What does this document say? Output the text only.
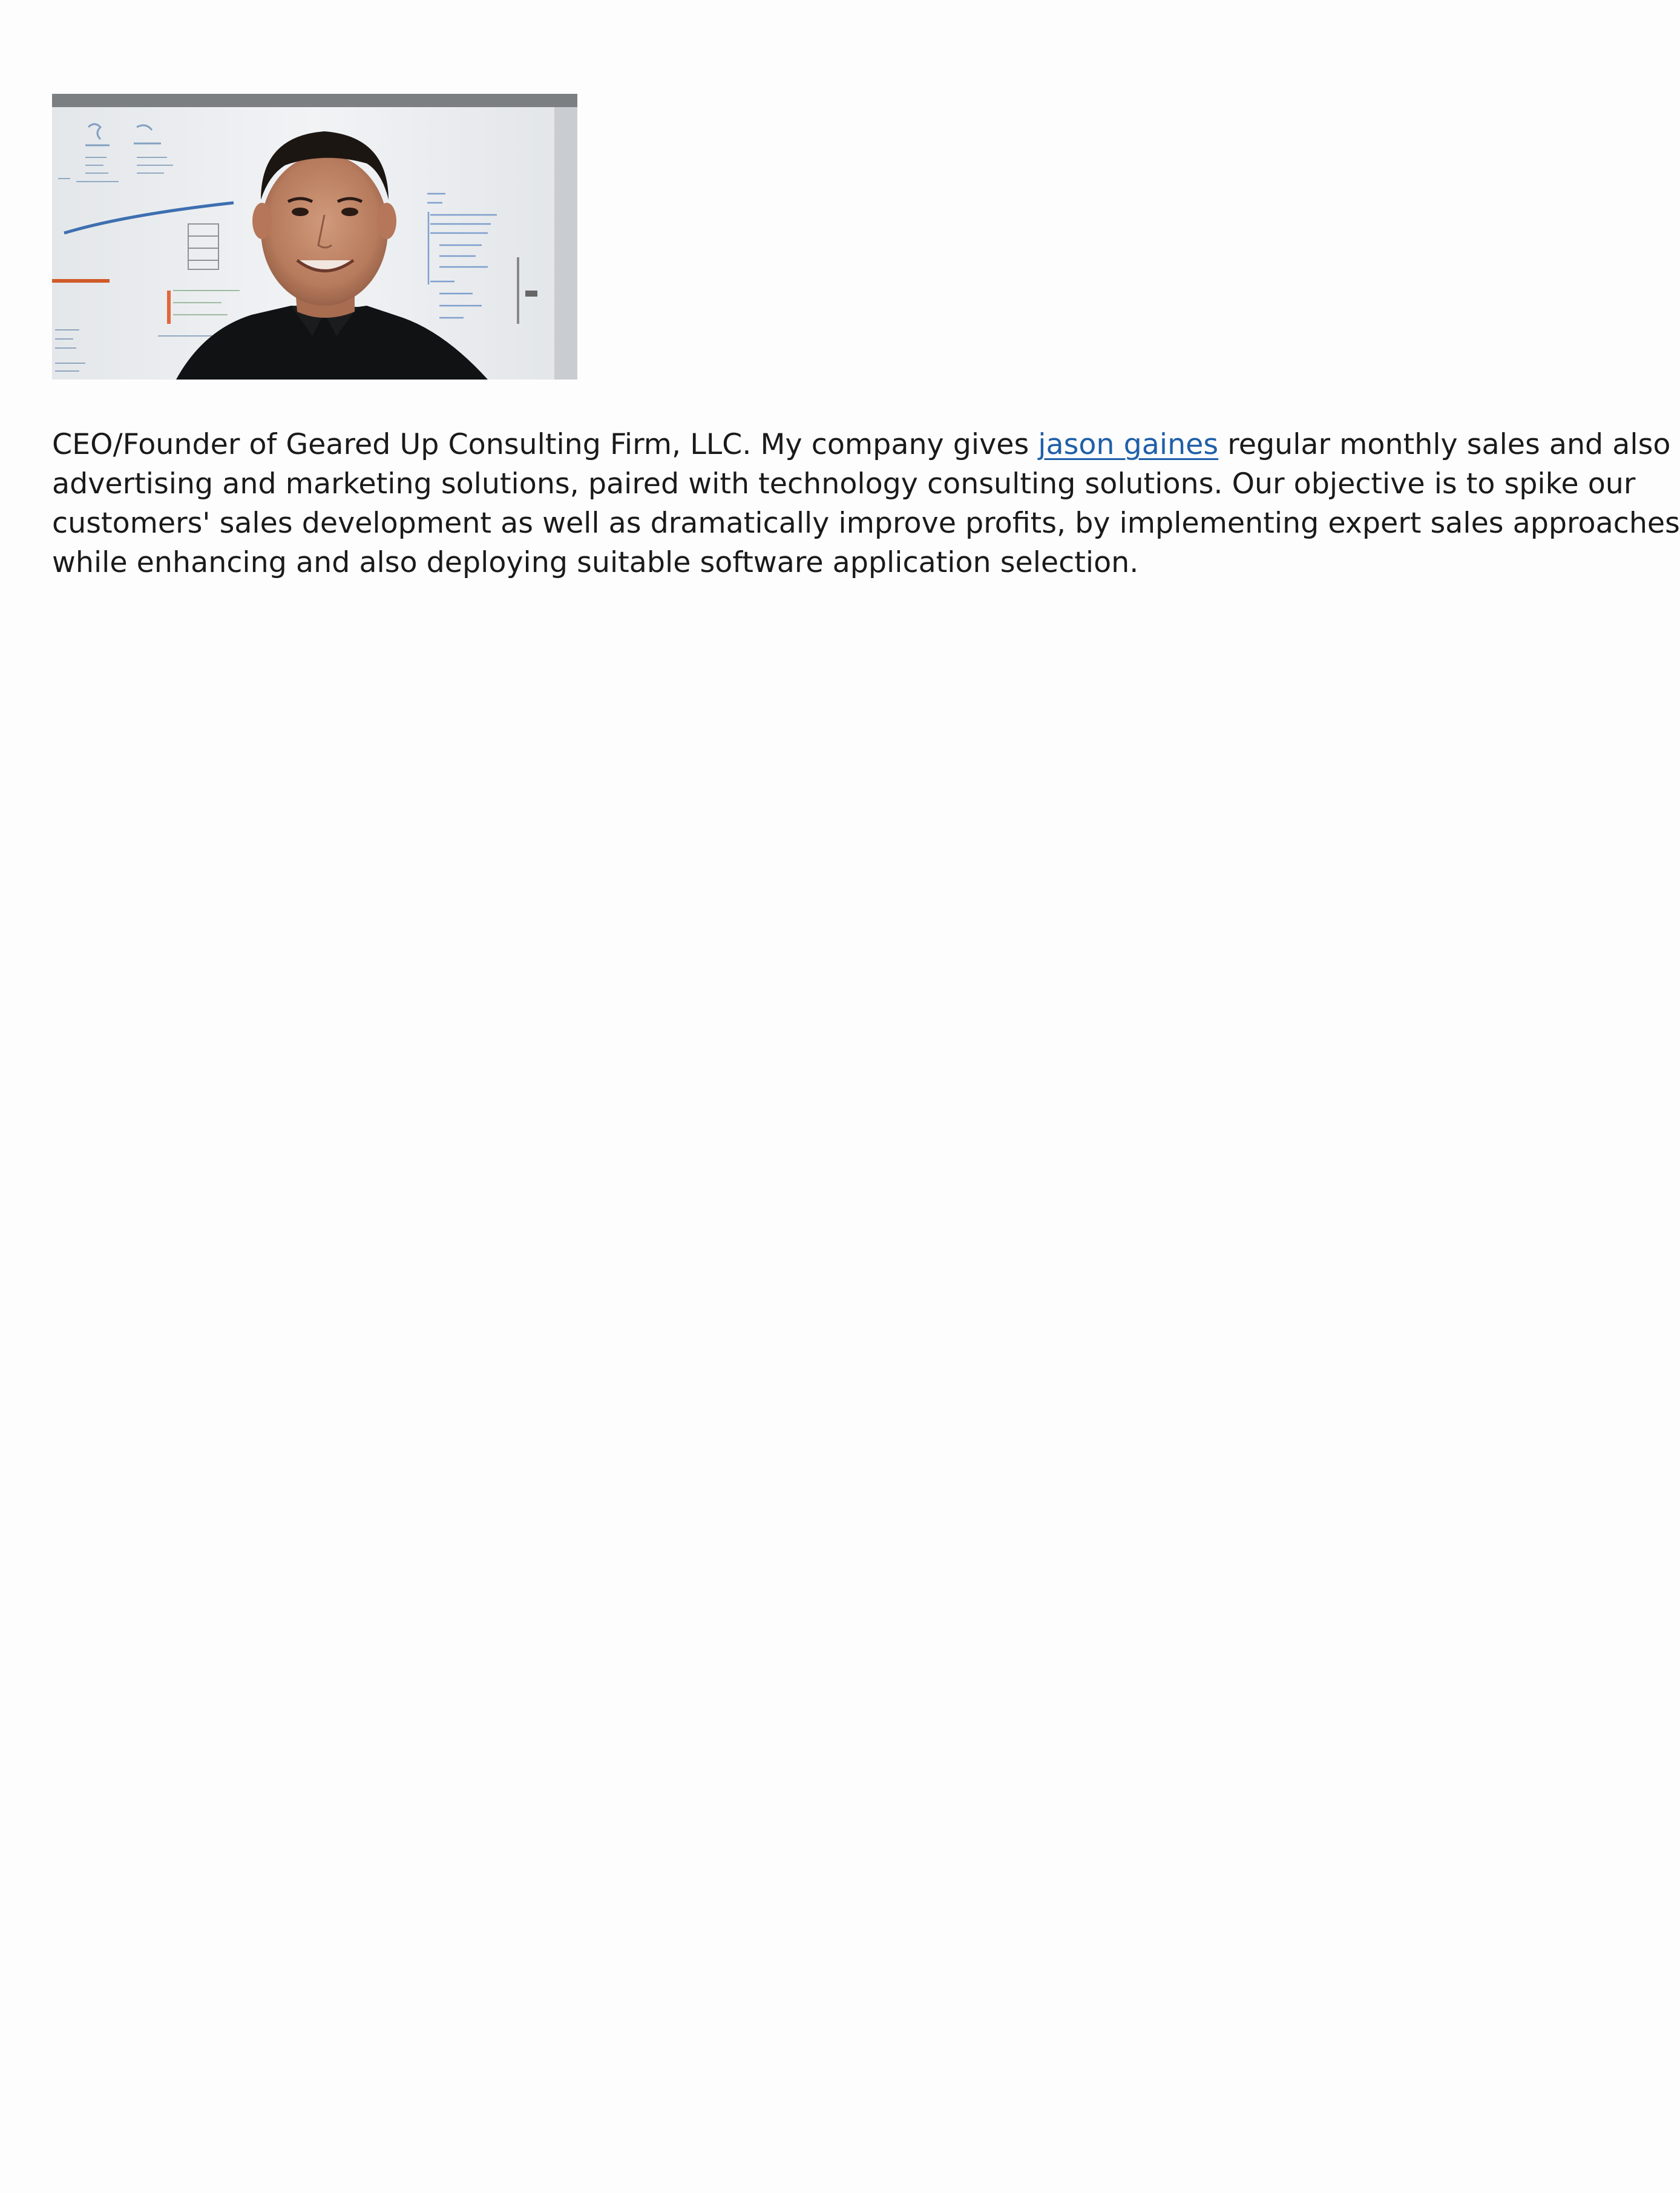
CEO/Founder of Geared Up Consulting Firm, LLC. My company gives jason gaines regular monthly sales and also
advertising and marketing solutions, paired with technology consulting solutions. Our objective is to spike our
customers' sales development as well as dramatically improve profits, by implementing expert sales approaches
while enhancing and also deploying suitable software application selection.
